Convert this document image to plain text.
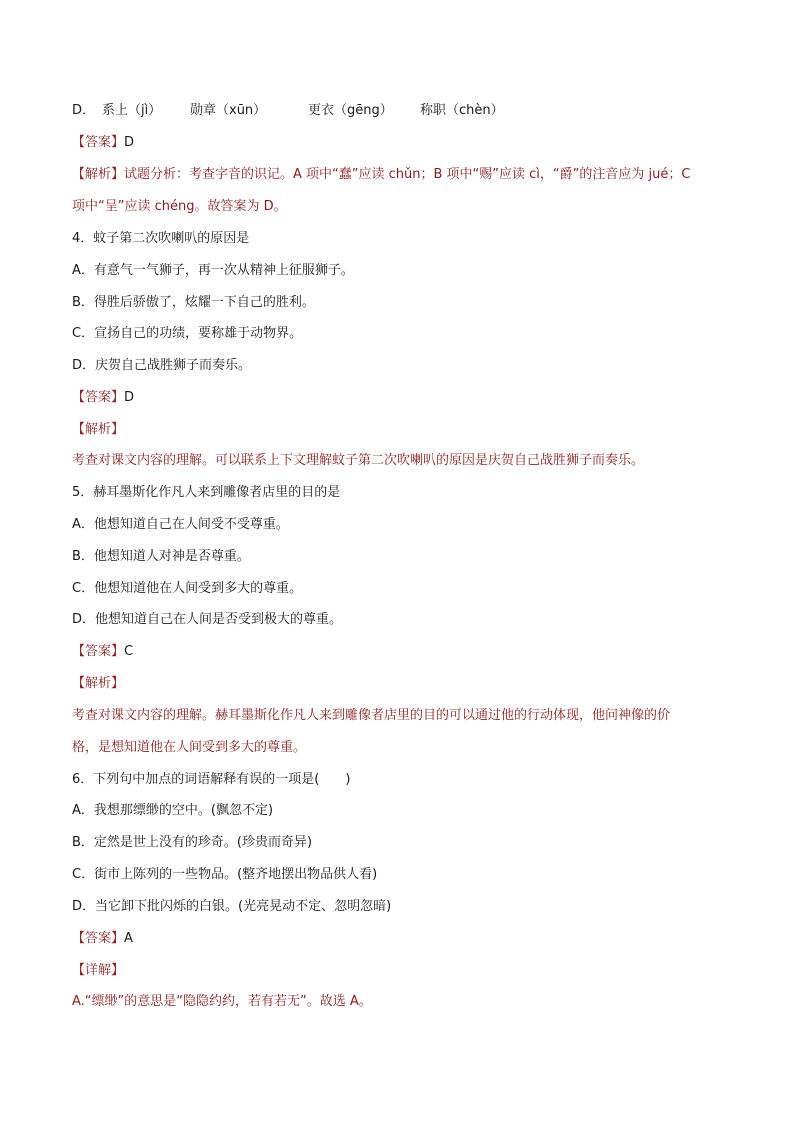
D． 系上（jì） 勋章（xūn）	更衣（gēng） 称职（chèn）
【答案】D
【解析】试题分析：考查字音的识记。A 项中“蠢”应读 chǔn；B 项中“赐”应读 cì，“爵”的注音应为 jué；C
项中“呈”应读 chéng。故答案为 D。
4．蚊子第二次吹喇叭的原因是
A．有意气一气狮子，再一次从精神上征服狮子。
B．得胜后骄傲了，炫耀一下自己的胜利。
C．宣扬自己的功绩，要称雄于动物界。
D．庆贺自己战胜狮子而奏乐。
【答案】D
【解析】
考查对课文内容的理解。可以联系上下文理解蚊子第二次吹喇叭的原因是庆贺自己战胜狮子而奏乐。
5．赫耳墨斯化作凡人来到雕像者店里的目的是
A．他想知道自己在人间受不受尊重。
B．他想知道人对神是否尊重。
C．他想知道他在人间受到多大的尊重。
D．他想知道自己在人间是否受到极大的尊重。
【答案】C
【解析】
考查对课文内容的理解。赫耳墨斯化作凡人来到雕像者店里的目的可以通过他的行动体现，他问神像的价
格，是想知道他在人间受到多大的尊重。
6．下列句中加点的词语解释有误的一项是(　　)
A．我想那缥缈的空中。(飘忽不定)
B．定然是世上没有的珍奇。(珍贵而奇异)
C．街市上陈列的一些物品。(整齐地摆出物品供人看)
D．当它卸下批闪烁的白银。(光亮晃动不定、忽明忽暗)
【答案】A
【详解】
A.“缥缈”的意思是“隐隐约约，若有若无”。故选 A。
